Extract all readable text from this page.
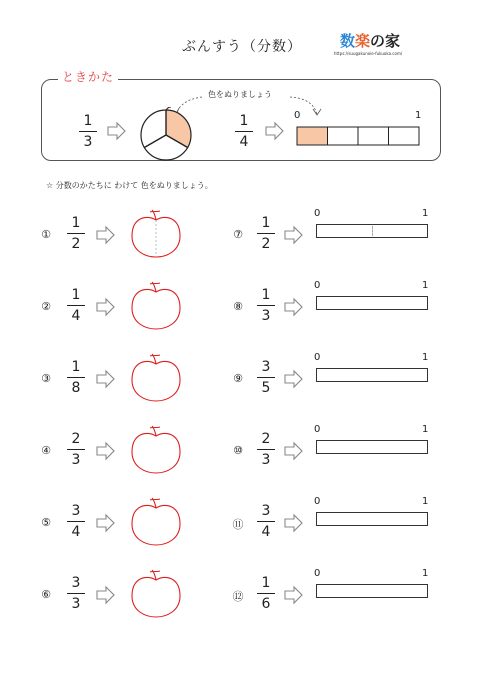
ぶんすう（分数）	数楽の家
https://suugakunoie-fukuoka.com/
ときかた
色をぬりましょう
1
3
1
4
0	1
☆ 分数のかたちに わけて 色をぬりましょう。
①
1
2
②
1
4
③
1
8
④
2
3
⑤
3
4
⑥
3
3
⑦
1
2
0	1
⑧
1
3
0	1
⑨
3
5
0	1
⑩
2
3
0	1
⑪
3
4
0	1
⑫
1
6
0	1
